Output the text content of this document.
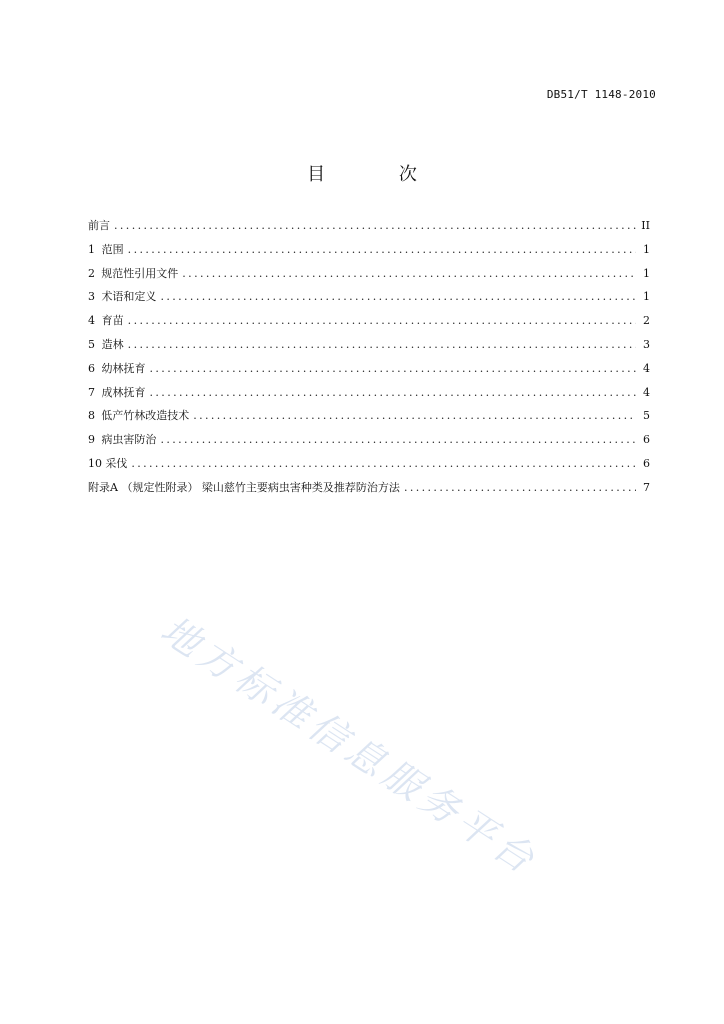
DB51/T 1148-2010
目 次
前言 .....	II
1 范围 .....	1
2 规范性引用文件 .....	1
3 术语和定义 .....	1
4 育苗 .....	2
5 造林 .....	3
6 幼林抚育 .....	4
7 成林抚育 .....	4
8 低产竹林改造技术 .....	5
9 病虫害防治 .....	6
10 采伐 .....	6
附录A （规定性附录） 梁山慈竹主要病虫害种类及推荐防治方法 .....	7
地方标准信息服务平台
